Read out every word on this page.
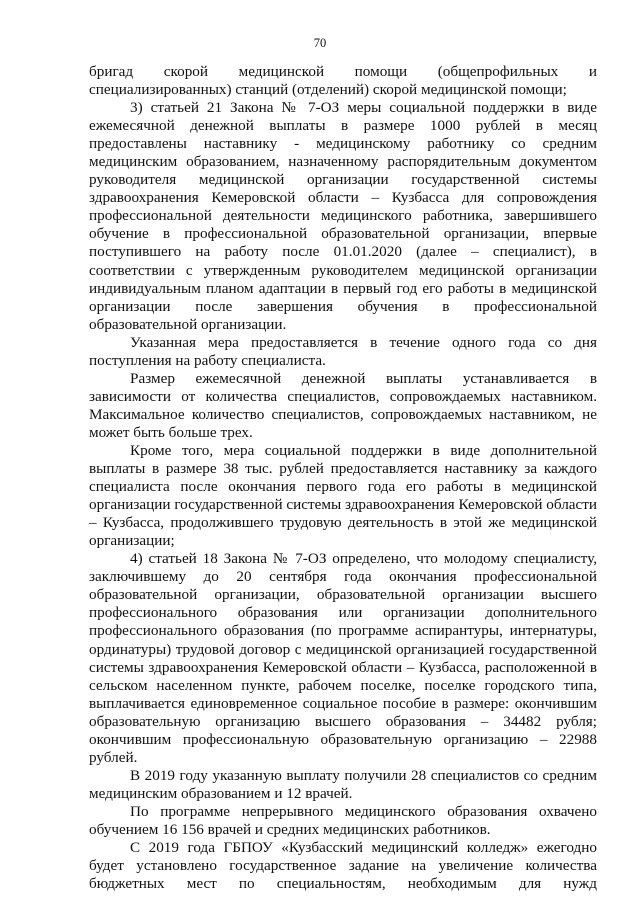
70

бригад скорой медицинской помощи (общепрофильных и специализированных) станций (отделений) скорой медицинской помощи;

3) статьей 21 Закона № 7-ОЗ меры социальной поддержки в виде ежемесячной денежной выплаты в размере 1000 рублей в месяц предоставлены наставнику - медицинскому работнику со средним медицинским образованием, назначенному распорядительным документом руководителя медицинской организации государственной системы здравоохранения Кемеровской области – Кузбасса для сопровождения профессиональной деятельности медицинского работника, завершившего обучение в профессиональной образовательной организации, впервые поступившего на работу после 01.01.2020 (далее – специалист), в соответствии с утвержденным руководителем медицинской организации индивидуальным планом адаптации в первый год его работы в медицинской организации после завершения обучения в профессиональной образовательной организации.

Указанная мера предоставляется в течение одного года со дня поступления на работу специалиста.

Размер ежемесячной денежной выплаты устанавливается в зависимости от количества специалистов, сопровождаемых наставником. Максимальное количество специалистов, сопровождаемых наставником, не может быть больше трех.

Кроме того, мера социальной поддержки в виде дополнительной выплаты в размере 38 тыс. рублей предоставляется наставнику за каждого специалиста после окончания первого года его работы в медицинской организации государственной системы здравоохранения Кемеровской области – Кузбасса, продолжившего трудовую деятельность в этой же медицинской организации;

4) статьей 18 Закона № 7-ОЗ определено, что молодому специалисту, заключившему до 20 сентября года окончания профессиональной образовательной организации, образовательной организации высшего профессионального образования или организации дополнительного профессионального образования (по программе аспирантуры, интернатуры, ординатуры) трудовой договор с медицинской организацией государственной системы здравоохранения Кемеровской области – Кузбасса, расположенной в сельском населенном пункте, рабочем поселке, поселке городского типа, выплачивается единовременное социальное пособие в размере: окончившим образовательную организацию высшего образования – 34482 рубля; окончившим профессиональную образовательную организацию – 22988 рублей.

В 2019 году указанную выплату получили 28 специалистов со средним медицинским образованием и 12 врачей.

По программе непрерывного медицинского образования охвачено обучением 16 156 врачей и средних медицинских работников.

С 2019 года ГБПОУ «Кузбасский медицинский колледж» ежегодно будет установлено государственное задание на увеличение количества бюджетных мест по специальностям, необходимым для нужд
